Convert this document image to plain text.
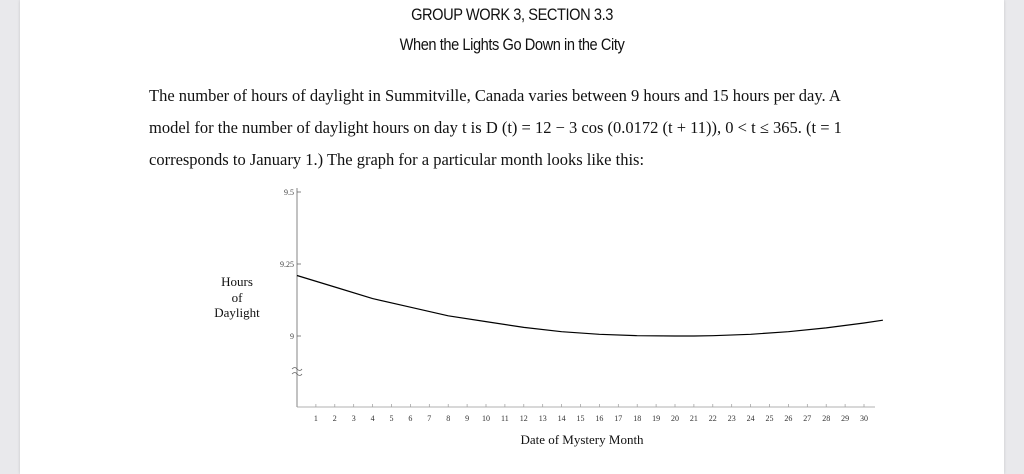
GROUP WORK 3, SECTION 3.3
When the Lights Go Down in the City

The number of hours of daylight in Summitville, Canada varies between 9 hours and 15 hours per day. A

model for the number of daylight hours on day t is D (t) = 12 − 3 cos (0.0172 (t + 11)), 0 < t ≤ 365. (t = 1

corresponds to January 1.) The graph for a particular month looks like this:

Hours
of
Daylight
9
9.25
9.5
1 2 3 4 5 6 7 8 9 10 11 12 13 14 15 16 17 18 19 20 21 22 23 24 25 26 27 28 29 30
Date of Mystery Month
